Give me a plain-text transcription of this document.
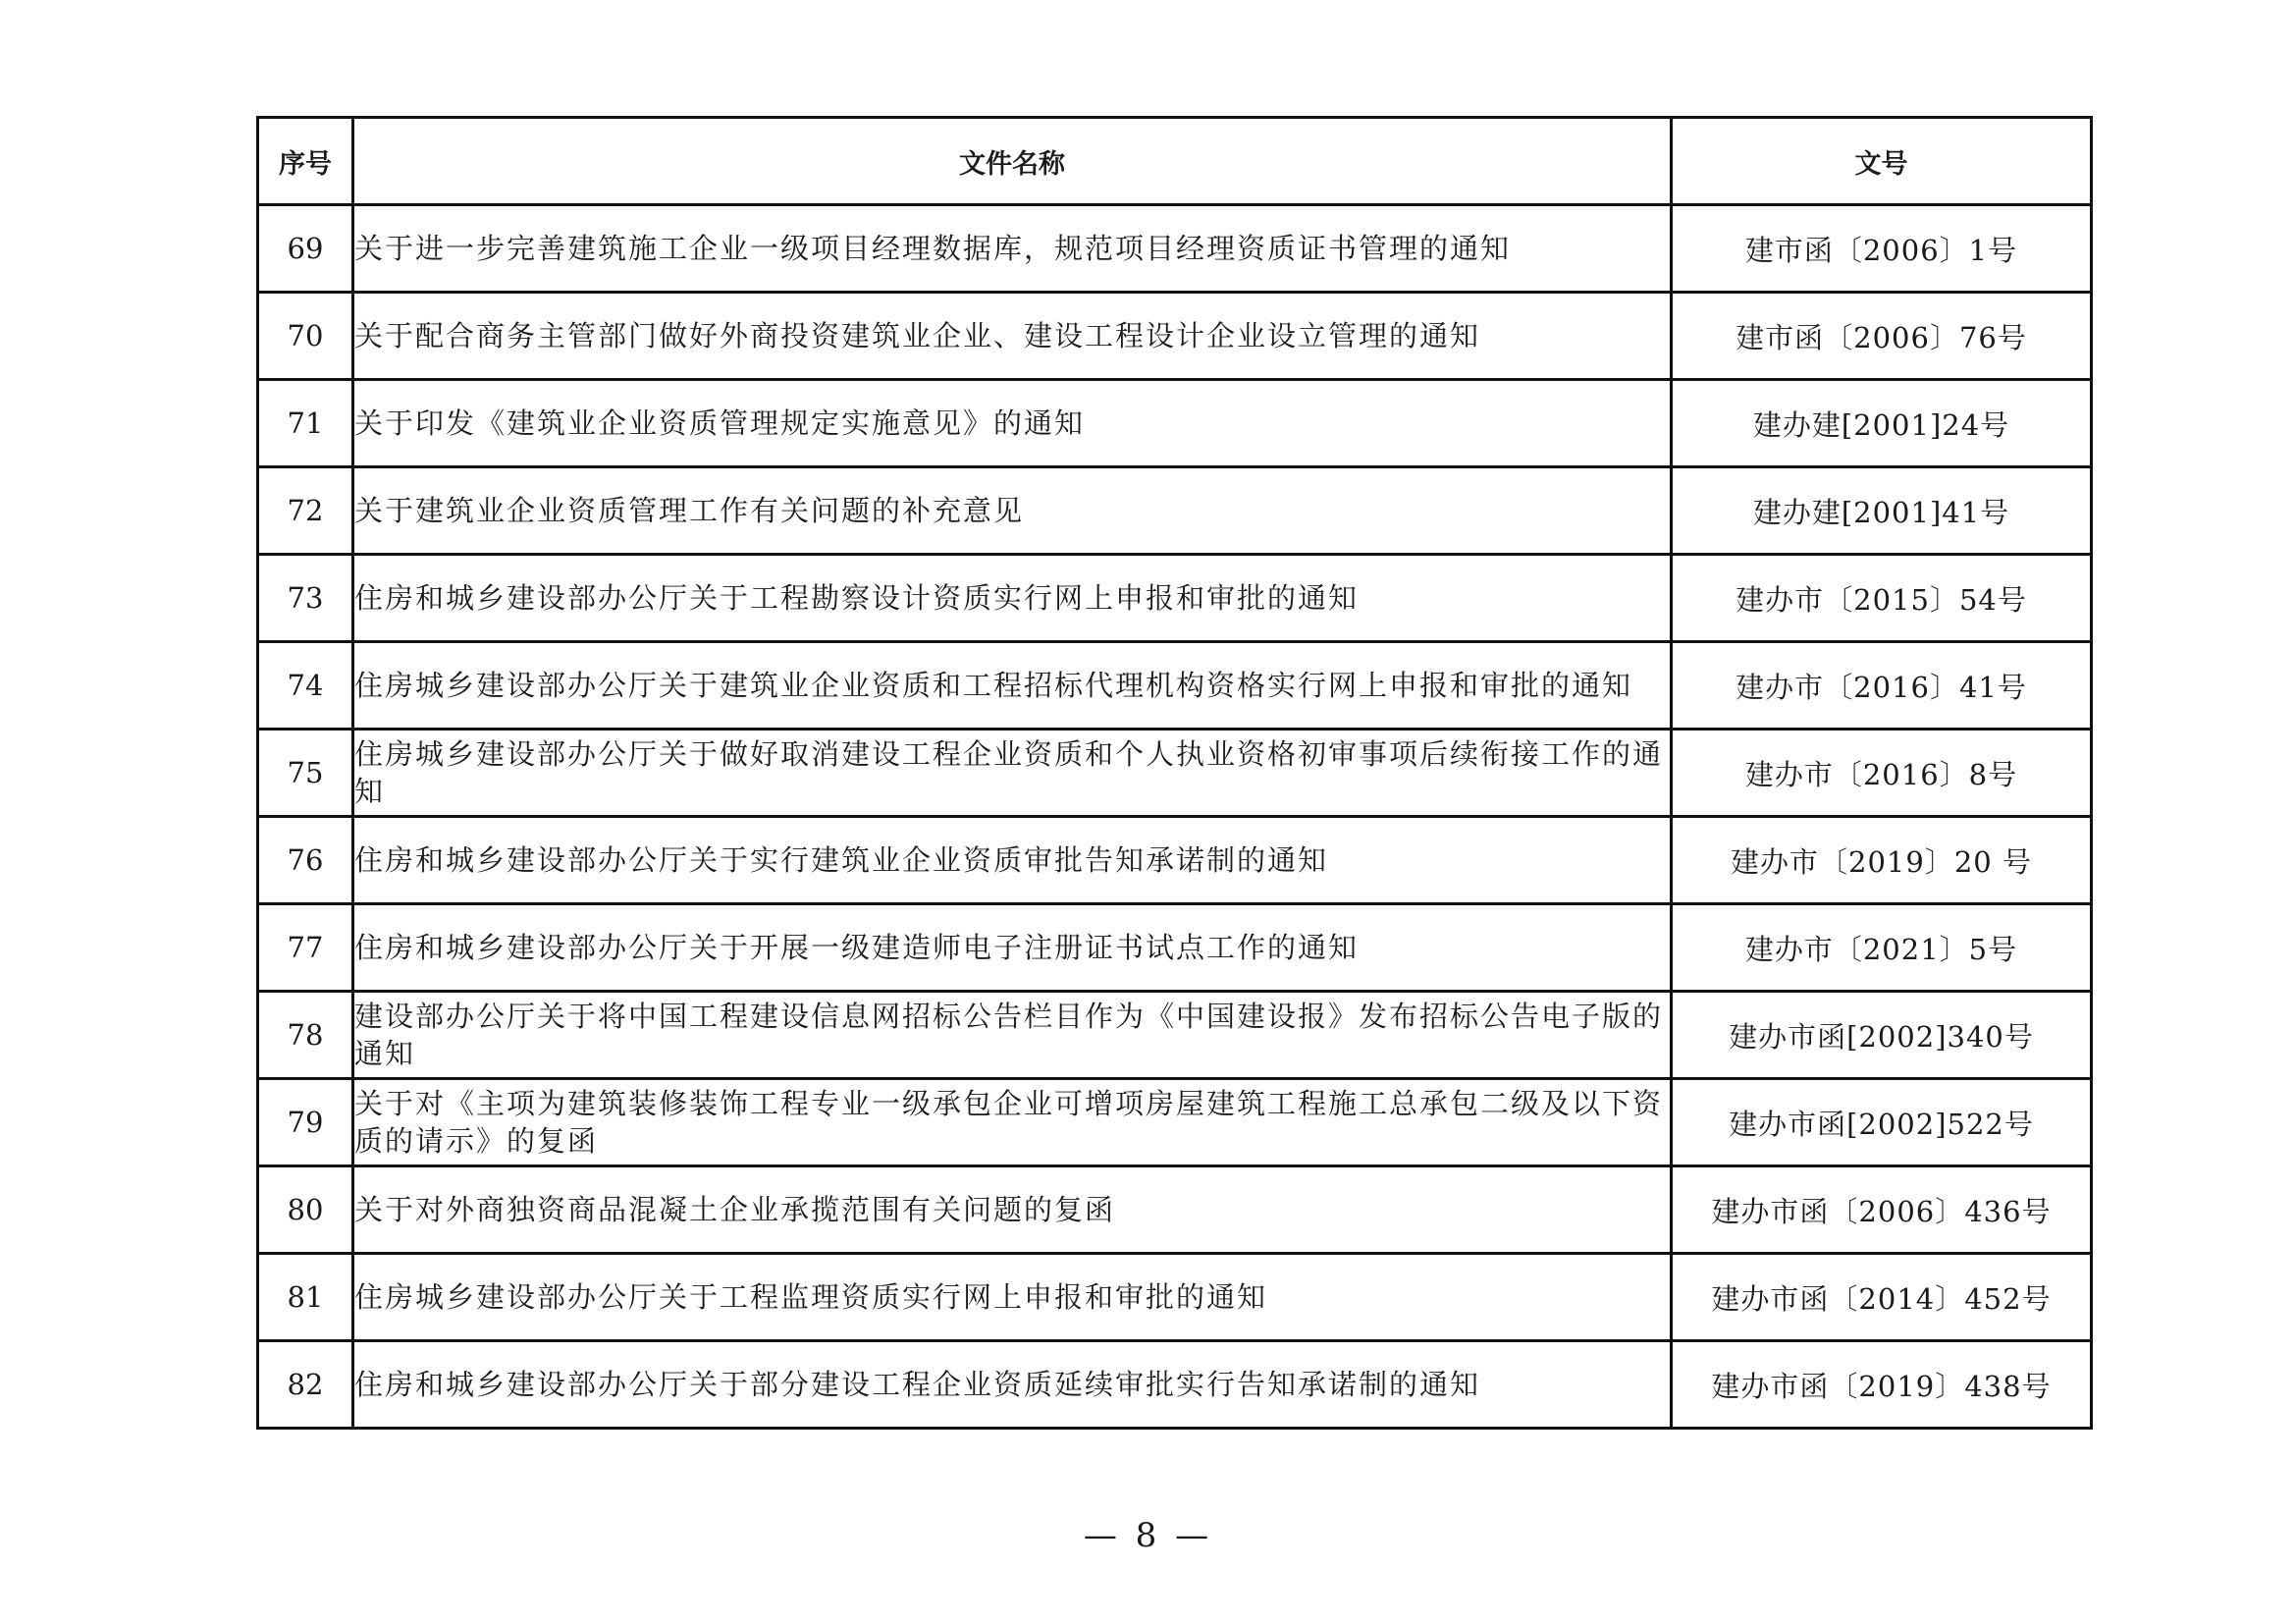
序号	文件名称	文号
69	关于进一步完善建筑施工企业一级项目经理数据库，规范项目经理资质证书管理的通知	建市函〔2006〕1号
70	关于配合商务主管部门做好外商投资建筑业企业、建设工程设计企业设立管理的通知	建市函〔2006〕76号
71	关于印发《建筑业企业资质管理规定实施意见》的通知	建办建[2001]24号
72	关于建筑业企业资质管理工作有关问题的补充意见	建办建[2001]41号
73	住房和城乡建设部办公厅关于工程勘察设计资质实行网上申报和审批的通知	建办市〔2015〕54号
74	住房城乡建设部办公厅关于建筑业企业资质和工程招标代理机构资格实行网上申报和审批的通知	建办市〔2016〕41号
75	住房城乡建设部办公厅关于做好取消建设工程企业资质和个人执业资格初审事项后续衔接工作的通知	建办市〔2016〕8号
76	住房和城乡建设部办公厅关于实行建筑业企业资质审批告知承诺制的通知	建办市〔2019〕20 号
77	住房和城乡建设部办公厅关于开展一级建造师电子注册证书试点工作的通知	建办市〔2021〕5号
78	建设部办公厅关于将中国工程建设信息网招标公告栏目作为《中国建设报》发布招标公告电子版的通知	建办市函[2002]340号
79	关于对《主项为建筑装修装饰工程专业一级承包企业可增项房屋建筑工程施工总承包二级及以下资质的请示》的复函	建办市函[2002]522号
80	关于对外商独资商品混凝土企业承揽范围有关问题的复函	建办市函〔2006〕436号
81	住房城乡建设部办公厅关于工程监理资质实行网上申报和审批的通知	建办市函〔2014〕452号
82	住房和城乡建设部办公厅关于部分建设工程企业资质延续审批实行告知承诺制的通知	建办市函〔2019〕438号
— 8 —
